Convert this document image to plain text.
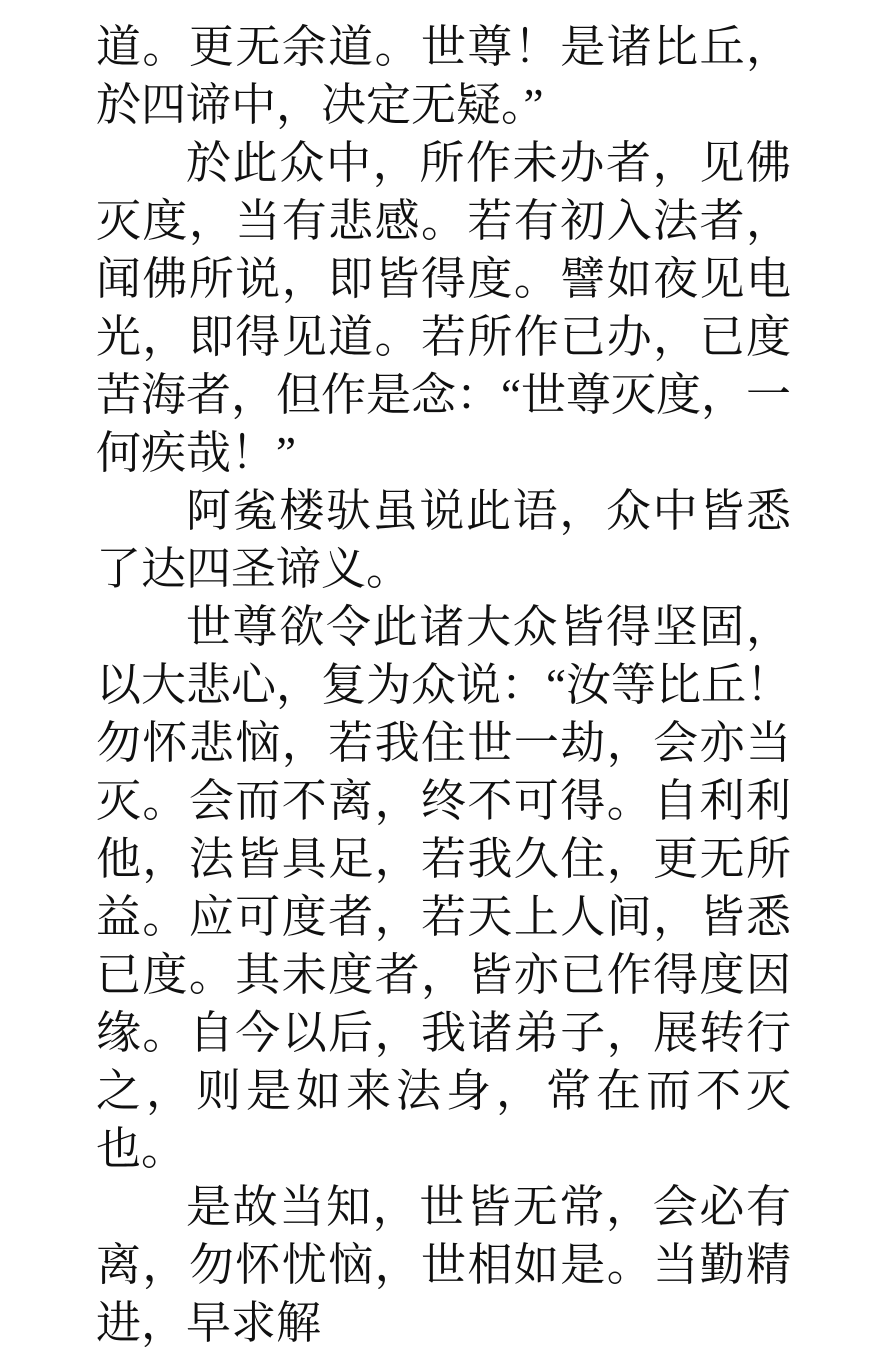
道。更无余道。世尊！是诸比丘，於四谛中，决定无疑。”

於此众中，所作未办者，见佛灭度，当有悲感。若有初入法者，闻佛所说，即皆得度。譬如夜见电光，即得见道。若所作已办，已度苦海者，但作是念：“世尊灭度，一何疾哉！”

阿㝹楼驮虽说此语，众中皆悉了达四圣谛义。

世尊欲令此诸大众皆得坚固，以大悲心，复为众说：“汝等比丘！勿怀悲恼，若我住世一劫，会亦当灭。会而不离，终不可得。自利利他，法皆具足，若我久住，更无所益。应可度者，若天上人间，皆悉已度。其未度者，皆亦已作得度因缘。自今以后，我诸弟子，展转行之，则是如来法身，常在而不灭也。

是故当知，世皆无常，会必有离，勿怀忧恼，世相如是。当勤精进，早求解
